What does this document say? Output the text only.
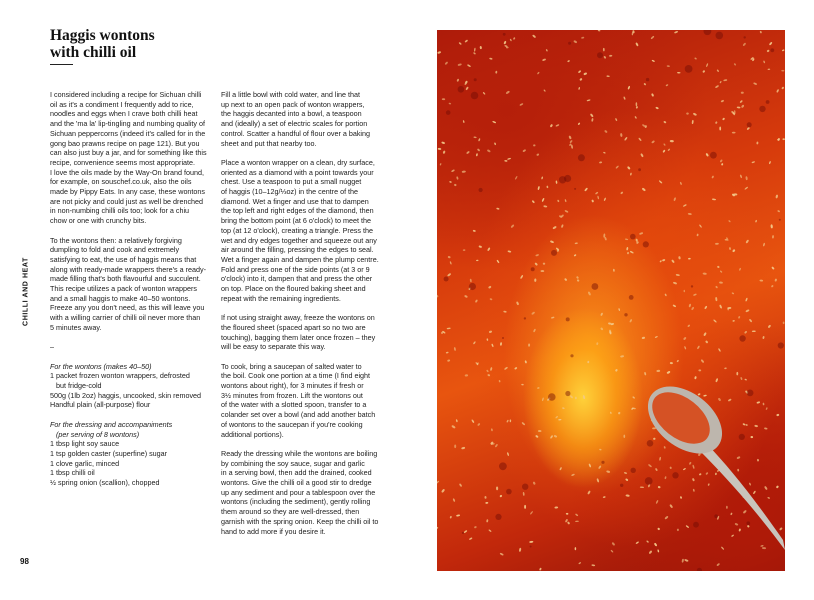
Haggis wontons
with chilli oil
CHILLI AND HEAT
98

I considered including a recipe for Sichuan chilli
oil as it's a condiment I frequently add to rice,
noodles and eggs when I crave both chilli heat
and the 'ma la' lip-tingling and numbing quality of
Sichuan peppercorns (indeed it's called for in the
gong bao prawns recipe on page 121). But you
can also just buy a jar, and for something like this
recipe, convenience seems most appropriate.
I love the oils made by the Way-On brand found,
for example, on souschef.co.uk, also the oils
made by Pippy Eats. In any case, these wontons
are not picky and could just as well be drenched
in non-numbing chilli oils too; look for a chiu
chow or one with crunchy bits.

To the wontons then: a relatively forgiving
dumpling to fold and cook and extremely
satisfying to eat, the use of haggis means that
along with ready-made wrappers there's a ready-
made filling that's both flavourful and succulent.
This recipe utilizes a pack of wonton wrappers
and a small haggis to make 40–50 wontons.
Freeze any you don't need, as this will leave you
with a willing carrier of chilli oil never more than
5 minutes away.

–

For the wontons (makes 40–50)
1 packet frozen wonton wrappers, defrosted
but fridge-cold
500g (1lb 2oz) haggis, uncooked, skin removed
Handful plain (all-purpose) flour
For the dressing and accompaniments
(per serving of 8 wontons)
1 tbsp light soy sauce
1 tsp golden caster (superfine) sugar
1 clove garlic, minced
1 tbsp chilli oil
½ spring onion (scallion), chopped

Fill a little bowl with cold water, and line that
up next to an open pack of wonton wrappers,
the haggis decanted into a bowl, a teaspoon
and (ideally) a set of electric scales for portion
control. Scatter a handful of flour over a baking
sheet and put that nearby too.

Place a wonton wrapper on a clean, dry surface,
oriented as a diamond with a point towards your
chest. Use a teaspoon to put a small nugget
of haggis (10–12g/⅓oz) in the centre of the
diamond. Wet a finger and use that to dampen
the top left and right edges of the diamond, then
bring the bottom point (at 6 o'clock) to meet the
top (at 12 o'clock), creating a triangle. Press the
wet and dry edges together and squeeze out any
air around the filling, pressing the edges to seal.
Wet a finger again and dampen the plump centre.
Fold and press one of the side points (at 3 or 9
o'clock) into it, dampen that and press the other
on top. Place on the floured baking sheet and
repeat with the remaining ingredients.

If not using straight away, freeze the wontons on
the floured sheet (spaced apart so no two are
touching), bagging them later once frozen – they
will be easy to separate this way.

To cook, bring a saucepan of salted water to
the boil. Cook one portion at a time (I find eight
wontons about right), for 3 minutes if fresh or
3½ minutes from frozen. Lift the wontons out
of the water with a slotted spoon, transfer to a
colander set over a bowl (and add another batch
of wontons to the saucepan if you're cooking
additional portions).

Ready the dressing while the wontons are boiling
by combining the soy sauce, sugar and garlic
in a serving bowl, then add the drained, cooked
wontons. Give the chilli oil a good stir to dredge
up any sediment and pour a tablespoon over the
wontons (including the sediment), gently rolling
them around so they are well-dressed, then
garnish with the spring onion. Keep the chilli oil to
hand to add more if you desire it.
